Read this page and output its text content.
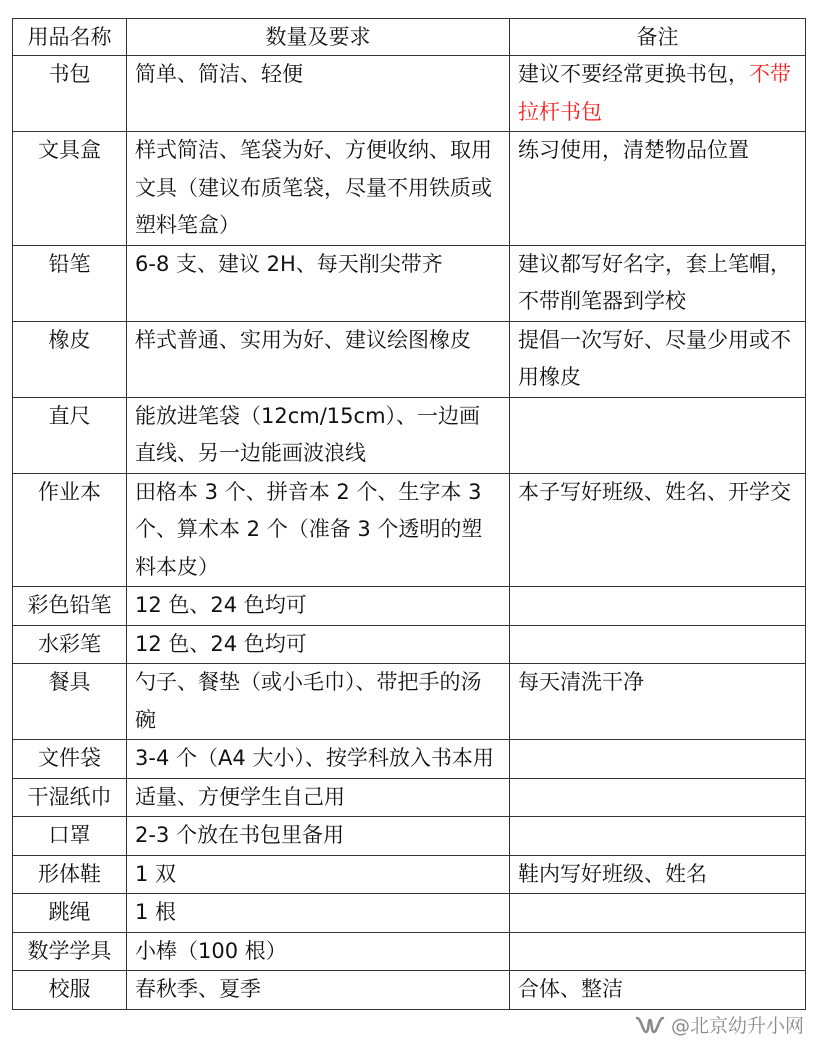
用品名称	数量及要求	备注
书包	简单、简洁、轻便	建议不要经常更换书包，不带拉杆书包
文具盒	样式简洁、笔袋为好、方便收纳、取用文具（建议布质笔袋，尽量不用铁质或塑料笔盒）	练习使用，清楚物品位置
铅笔	6-8 支、建议 2H、每天削尖带齐	建议都写好名字，套上笔帽，不带削笔器到学校
橡皮	样式普通、实用为好、建议绘图橡皮	提倡一次写好、尽量少用或不用橡皮
直尺	能放进笔袋（12cm/15cm）、一边画直线、另一边能画波浪线	
作业本	田格本 3 个、拼音本 2 个、生字本 3 个、算术本 2 个（准备 3 个透明的塑料本皮）	本子写好班级、姓名、开学交
彩色铅笔	12 色、24 色均可	
水彩笔	12 色、24 色均可	
餐具	勺子、餐垫（或小毛巾）、带把手的汤碗	每天清洗干净
文件袋	3-4 个（A4 大小）、按学科放入书本用	
干湿纸巾	适量、方便学生自己用	
口罩	2-3 个放在书包里备用	
形体鞋	1 双	鞋内写好班级、姓名
跳绳	1 根	
数学学具	小棒（100 根）	
校服	春秋季、夏季	合体、整洁
@北京幼升小网
